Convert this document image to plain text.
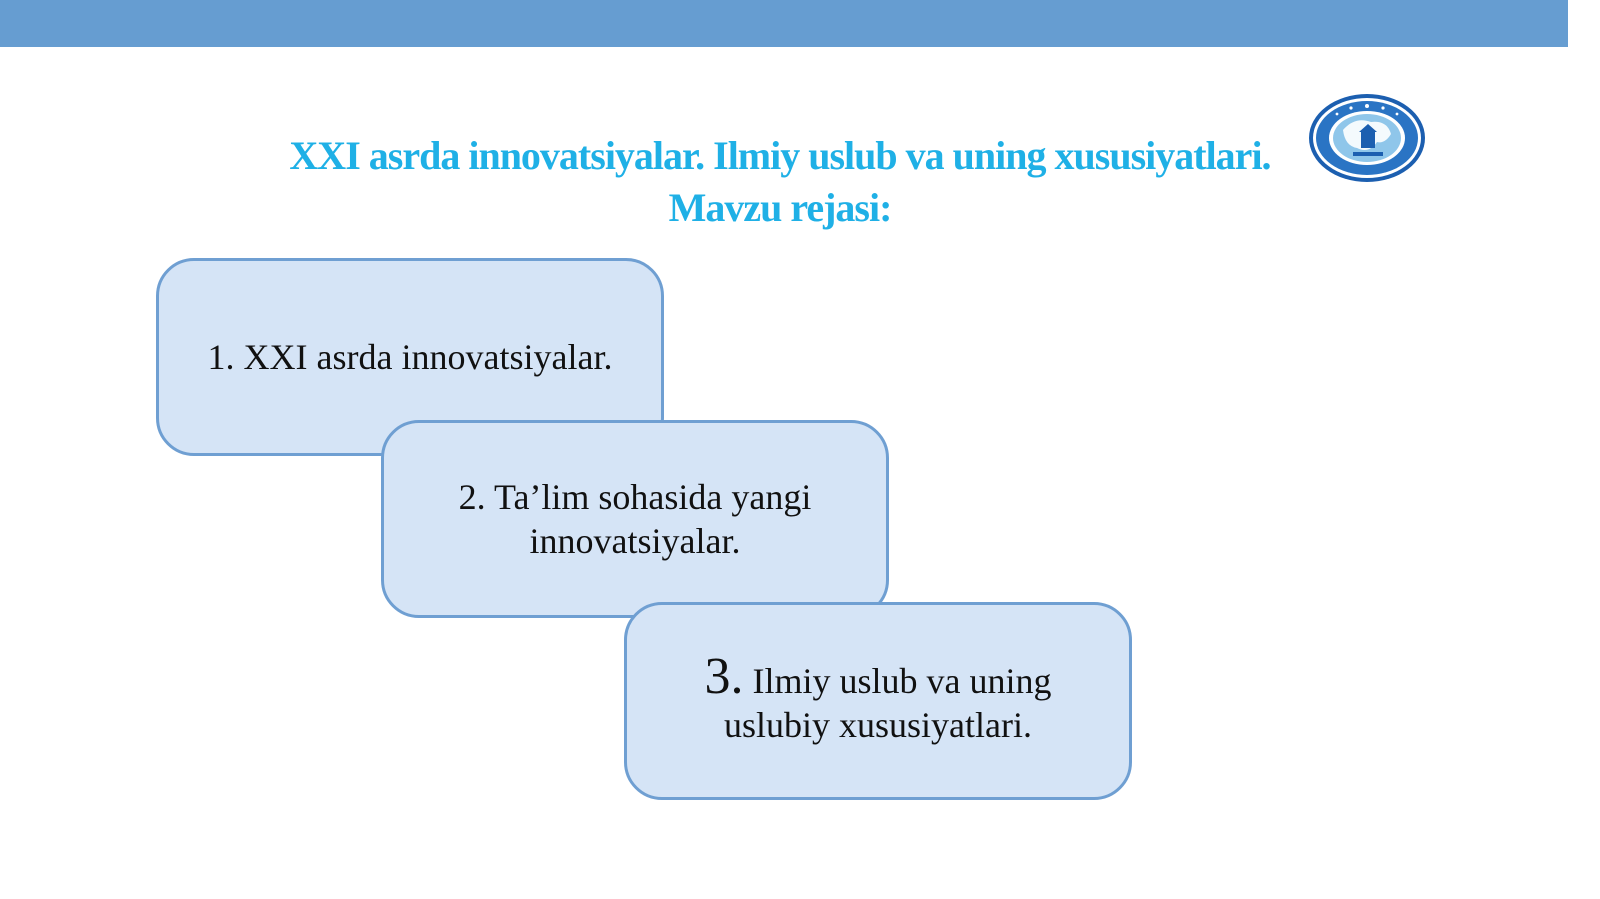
XXI asrda innovatsiyalar. Ilmiy uslub va uning xususiyatlari.
Mavzu rejasi:
1. XXI asrda innovatsiyalar.
2. Ta’lim sohasida yangi innovatsiyalar.
3. Ilmiy uslub va uning uslubiy xususiyatlari.
